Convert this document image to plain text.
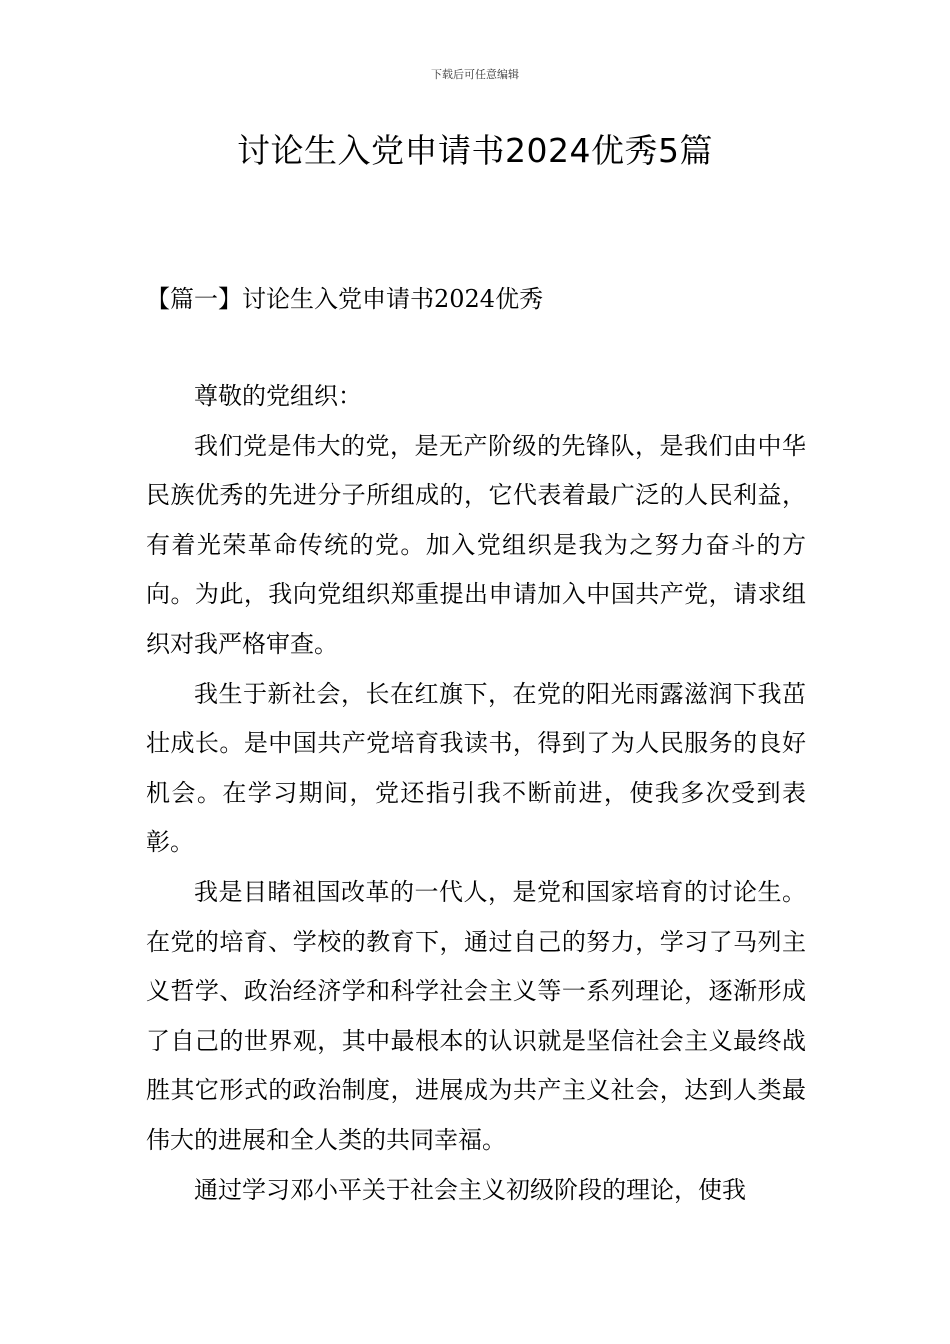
下载后可任意编辑
讨论生入党申请书2024优秀5篇
【篇一】讨论生入党申请书2024优秀

尊敬的党组织：

我们党是伟大的党，是无产阶级的先锋队，是我们由中华民族优秀的先进分子所组成的，它代表着最广泛的人民利益，有着光荣革命传统的党。加入党组织是我为之努力奋斗的方向。为此，我向党组织郑重提出申请加入中国共产党，请求组织对我严格审查。

我生于新社会，长在红旗下，在党的阳光雨露滋润下我茁壮成长。是中国共产党培育我读书，得到了为人民服务的良好机会。在学习期间，党还指引我不断前进，使我多次受到表彰。

我是目睹祖国改革的一代人，是党和国家培育的讨论生。在党的培育、学校的教育下，通过自己的努力，学习了马列主义哲学、政治经济学和科学社会主义等一系列理论，逐渐形成了自己的世界观，其中最根本的认识就是坚信社会主义最终战胜其它形式的政治制度，进展成为共产主义社会，达到人类最伟大的进展和全人类的共同幸福。

通过学习邓小平关于社会主义初级阶段的理论，使我
